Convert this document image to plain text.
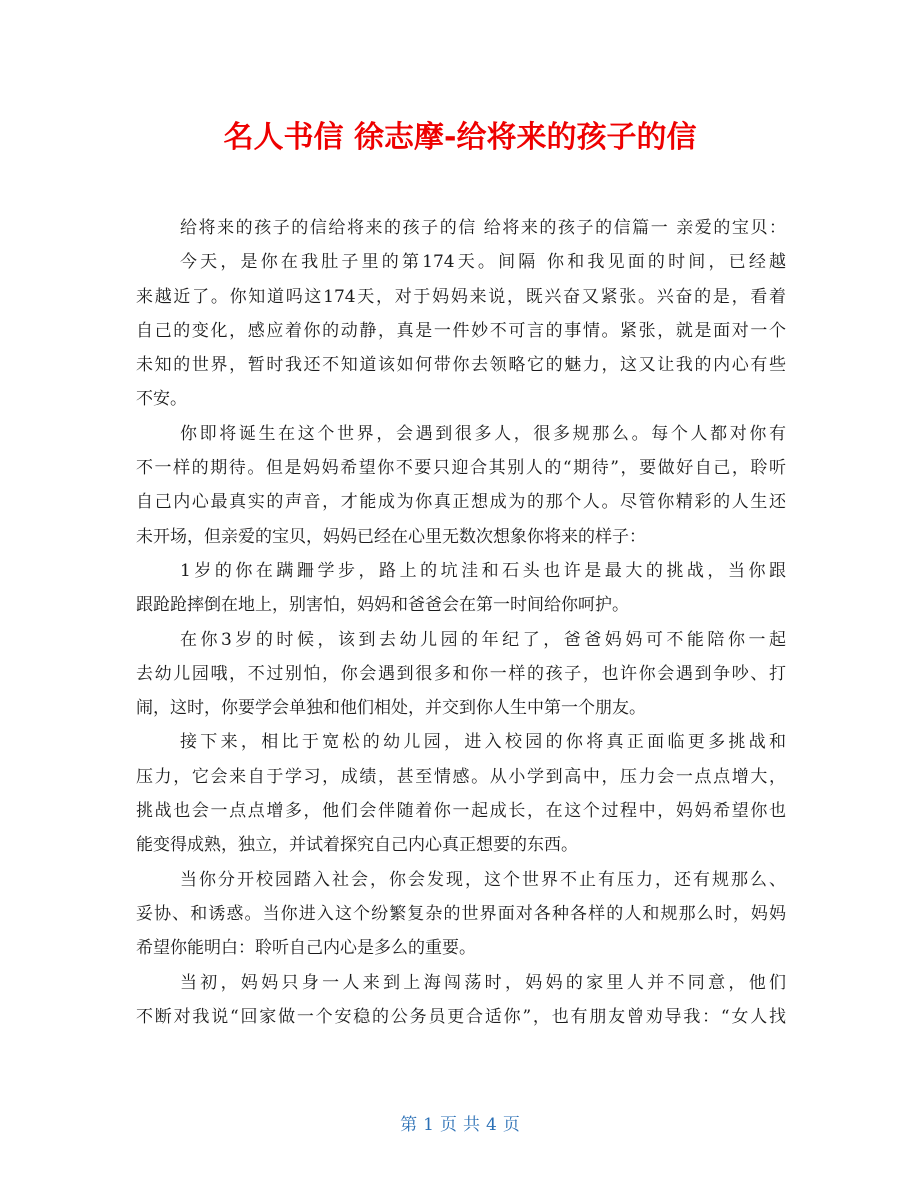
名人书信 徐志摩-给将来的孩子的信
给将来的孩子的信给将来的孩子的信 给将来的孩子的信篇一 亲爱的宝贝：
今天，是你在我肚子里的第174天。间隔 你和我见面的时间，已经越
来越近了。你知道吗这174天，对于妈妈来说，既兴奋又紧张。兴奋的是，看着
自己的变化，感应着你的动静，真是一件妙不可言的事情。紧张，就是面对一个
未知的世界，暂时我还不知道该如何带你去领略它的魅力，这又让我的内心有些
不安。
你即将诞生在这个世界，会遇到很多人，很多规那么。每个人都对你有
不一样的期待。但是妈妈希望你不要只迎合其别人的“期待”，要做好自己，聆听
自己内心最真实的声音，才能成为你真正想成为的那个人。尽管你精彩的人生还
未开场，但亲爱的宝贝，妈妈已经在心里无数次想象你将来的样子：
1岁的你在蹒跚学步，路上的坑洼和石头也许是最大的挑战，当你跟
跟跄跄摔倒在地上，别害怕，妈妈和爸爸会在第一时间给你呵护。
在你3岁的时候，该到去幼儿园的年纪了，爸爸妈妈可不能陪你一起
去幼儿园哦，不过别怕，你会遇到很多和你一样的孩子，也许你会遇到争吵、打
闹，这时，你要学会单独和他们相处，并交到你人生中第一个朋友。
接下来，相比于宽松的幼儿园，进入校园的你将真正面临更多挑战和
压力，它会来自于学习，成绩，甚至情感。从小学到高中，压力会一点点增大，
挑战也会一点点增多，他们会伴随着你一起成长，在这个过程中，妈妈希望你也
能变得成熟，独立，并试着探究自己内心真正想要的东西。
当你分开校园踏入社会，你会发现，这个世界不止有压力，还有规那么、
妥协、和诱惑。当你进入这个纷繁复杂的世界面对各种各样的人和规那么时，妈妈
希望你能明白：聆听自己内心是多么的重要。
当初，妈妈只身一人来到上海闯荡时，妈妈的家里人并不同意，他们
不断对我说“回家做一个安稳的公务员更合适你”，也有朋友曾劝导我：“女人找
第 1 页 共 4 页
